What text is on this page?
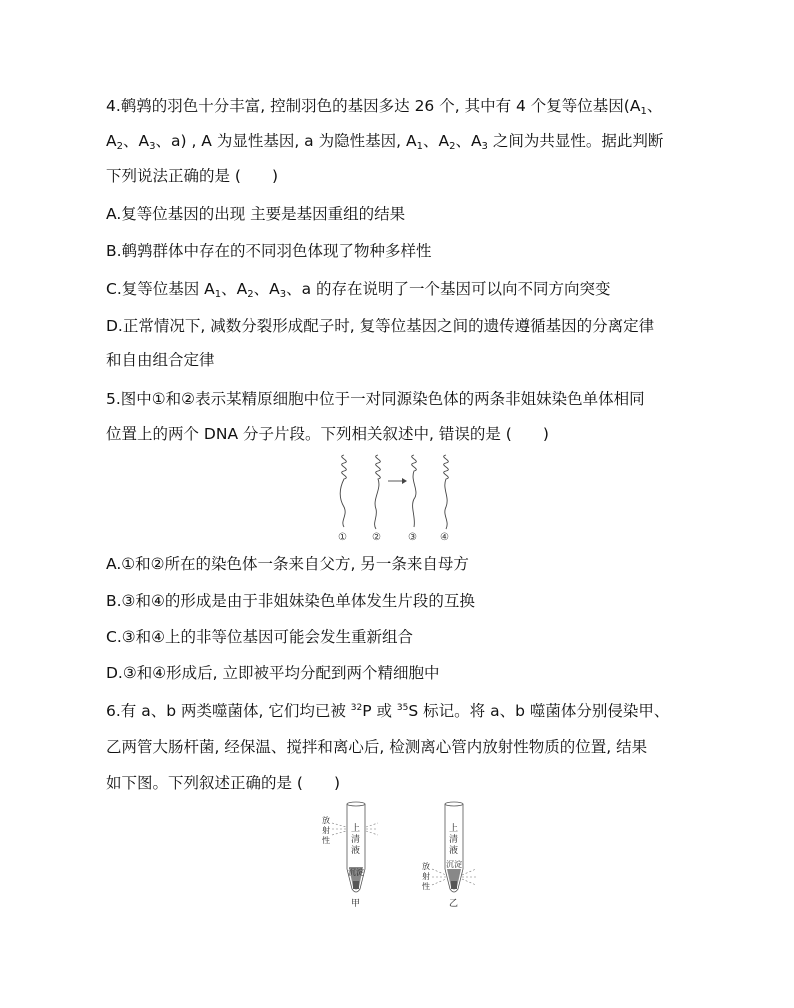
4.鹌鹑的羽色十分丰富, 控制羽色的基因多达 26 个, 其中有 4 个复等位基因($A_1$、
$A_2$、$A_3$、a) , A 为显性基因, a 为隐性基因, $A_1$、$A_2$、$A_3$ 之间为共显性。据此判断
下列说法正确的是 (　　)
A.复等位基因的出现 主要是基因重组的结果
B.鹌鹑群体中存在的不同羽色体现了物种多样性
C.复等位基因 $A_1$、$A_2$、$A_3$、a 的存在说明了一个基因可以向不同方向突变
D.正常情况下, 减数分裂形成配子时, 复等位基因之间的遗传遵循基因的分离定律
和自由组合定律
5.图中①和②表示某精原细胞中位于一对同源染色体的两条非姐妹染色单体相同
位置上的两个 DNA 分子片段。下列相关叙述中, 错误的是 (　　)
①	②	③ ④
A.①和②所在的染色体一条来自父方, 另一条来自母方
B.③和④的形成是由于非姐妹染色单体发生片段的互换
C.③和④上的非等位基因可能会发生重新组合
D.③和④形成后, 立即被平均分配到两个精细胞中
6.有 a、b 两类噬菌体, 它们均已被 $^{32}$P 或 $^{35}$S 标记。将 a、b 噬菌体分别侵染甲、
乙两管大肠杆菌, 经保温、搅拌和离心后, 检测离心管内放射性物质的位置, 结果
如下图。下列叙述正确的是 (　　)
上
清
液
沉淀
放
射
性
甲
上
清
液
沉淀
放
射
性
乙
